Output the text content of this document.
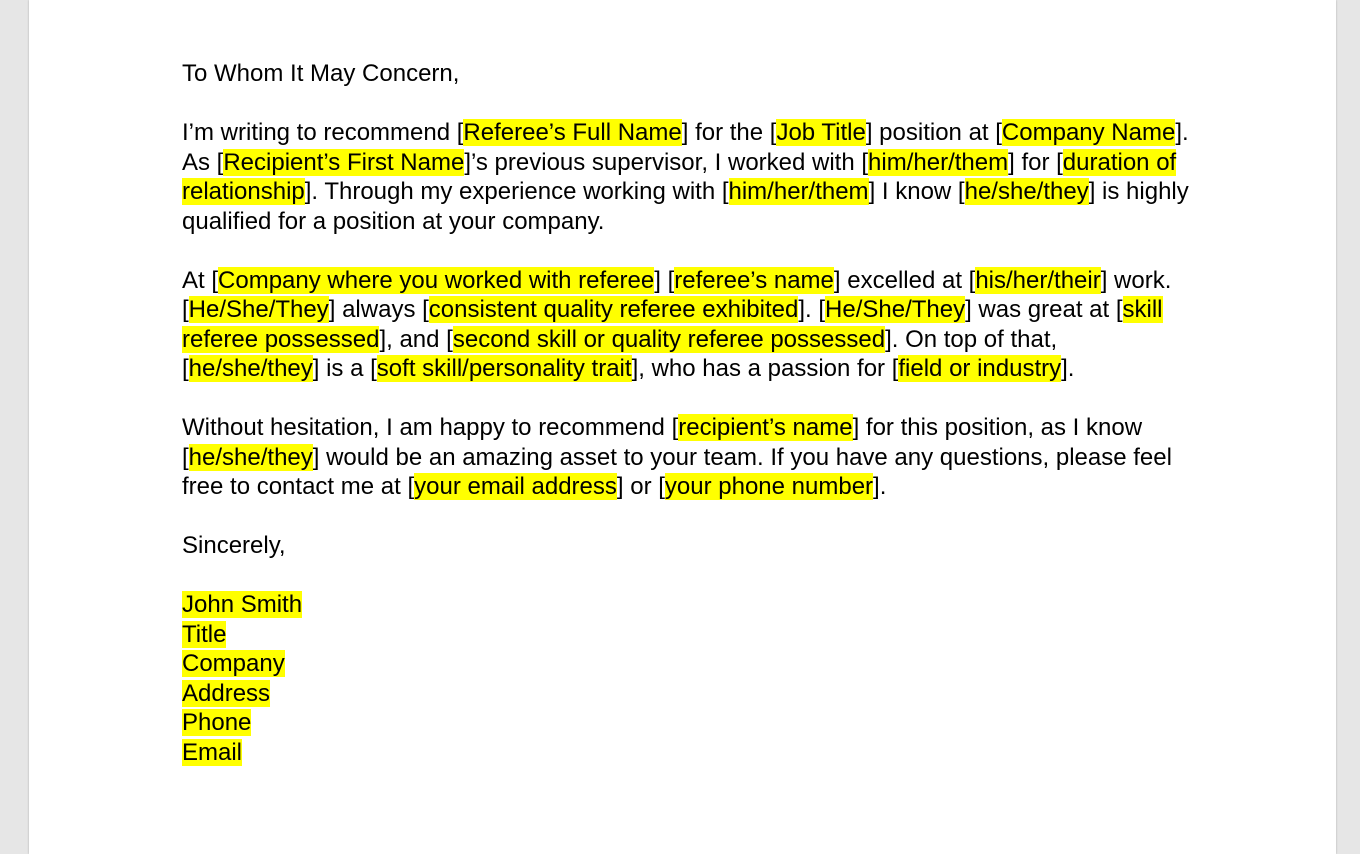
To Whom It May Concern,

I’m writing to recommend [Referee’s Full Name] for the [Job Title] position at [Company Name]. As [Recipient’s First Name]’s previous supervisor, I worked with [him/her/them] for [duration of relationship]. Through my experience working with [him/her/them] I know [he/she/they] is highly qualified for a position at your company.

At [Company where you worked with referee] [referee’s name] excelled at [his/her/their] work. [He/She/They] always [consistent quality referee exhibited]. [He/She/They] was great at [skill referee possessed], and [second skill or quality referee possessed]. On top of that, [he/she/they] is a [soft skill/personality trait], who has a passion for [field or industry].

Without hesitation, I am happy to recommend [recipient’s name] for this position, as I know [he/she/they] would be an amazing asset to your team. If you have any questions, please feel free to contact me at [your email address] or [your phone number].

Sincerely,

John Smith
Title
Company
Address
Phone
Email
